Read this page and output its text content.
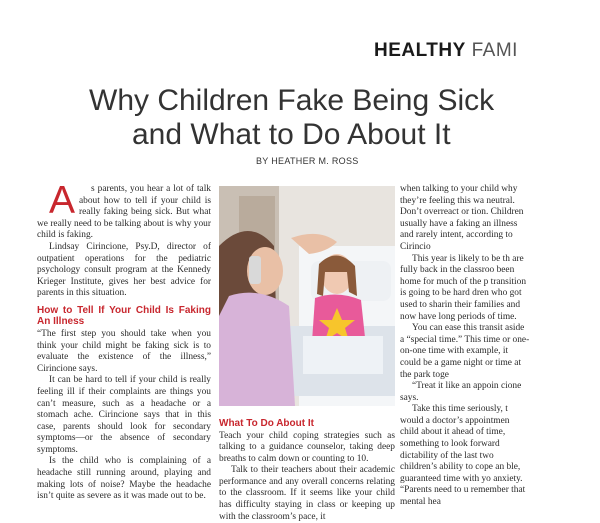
HEALTHY FAMI
Why Children Fake Being Sick
and What to Do About It
BY HEATHER M. ROSS

A s parents, you hear a lot of talk about how to tell if your child is really faking being sick. But what we really need to be talking about is why your child is faking.

Lindsay Cirincione, Psy.D, director of outpatient operations for the pediatric psychology consult program at the Kennedy Krieger Institute, gives her best advice for parents in this situation.

How to Tell If Your Child Is Faking An Illness

“The first step you should take when you think your child might be faking sick is to evaluate the existence of the illness,” Cirincione says.

It can be hard to tell if your child is really feeling ill if their complaints are things you can’t measure, such as a headache or a stomach ache. Cirincione says that in this case, parents should look for secondary symptoms—or the absence of secondary symptoms.

Is the child who is complaining of a headache still running around, playing and making lots of noise? Maybe the headache isn’t quite as severe as it was made out to be.

What To Do About It

Teach your child coping strategies such as talking to a guidance counselor, taking deep breaths to calm down or counting to 10.

Talk to their teachers about their academic performance and any overall concerns relating to the classroom. If it seems like your child has difficulty staying in class or keeping up with the classroom’s pace, it

when talking to your child why they’re feeling this wa neutral. Don’t overreact or tion. Children usually have a faking an illness and rarely intent, according to Cirincio

This year is likely to be th are fully back in the classroo been home for much of the p transition is going to be hard dren who got used to sharin their families and now have long periods of time.

You can ease this transit aside a “special time.” This time or one-on-one time with example, it could be a game night or time at the park toge

“Treat it like an appoin cione says.

Take this time seriously, t would a doctor’s appointmen child about it ahead of time, something to look forward dictability of the last two children’s ability to cope an ble, guaranteed time with yo anxiety. “Parents need to u remember that mental hea
